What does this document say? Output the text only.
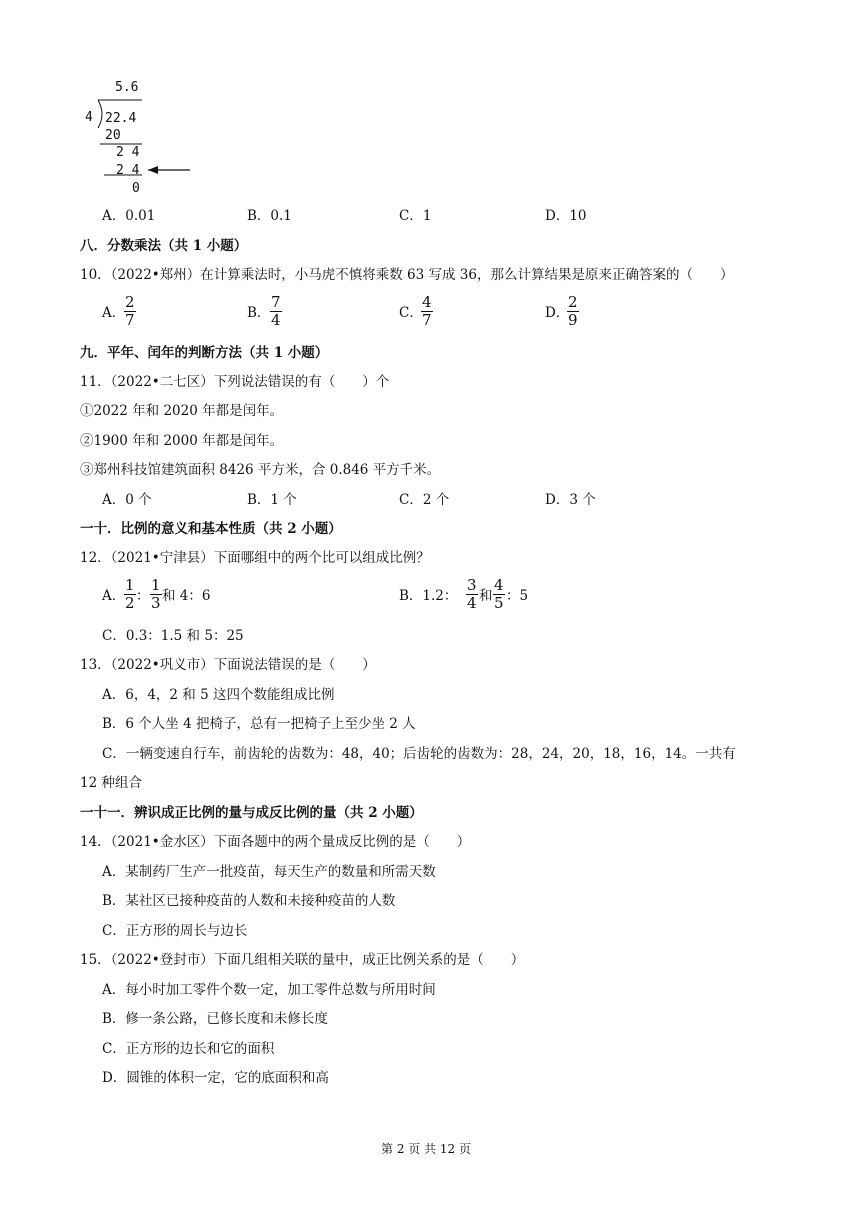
5.6
4 22.4
20
2 4
2 4
0
A．0.01	B．0.1	C．1	D．10
八．分数乘法（共 1 小题）
10．（2022•郑州）在计算乘法时，小马虎不慎将乘数 63 写成 36，那么计算结果是原来正确答案的（　　）
A．
2
7	B．
7
4	C．
4
7	D．
2
9
九．平年、闰年的判断方法（共 1 小题）
11．（2022•二七区）下列说法错误的有（　　）个
①2022 年和 2020 年都是闰年。
②1900 年和 2000 年都是闰年。
③郑州科技馆建筑面积 8426 平方米，合 0.846 平方千米。
A．0 个	B．1 个	C．2 个	D．3 个
一十．比例的意义和基本性质（共 2 小题）
12．（2021•宁津县）下面哪组中的两个比可以组成比例？
A．
1
2 ：
1
3 和 4：6	B．1.2：
3
4 和
4
5 ：5
C．0.3：1.5 和 5：25
13．（2022•巩义市）下面说法错误的是（　　）
A．6，4，2 和 5 这四个数能组成比例
B．6 个人坐 4 把椅子，总有一把椅子上至少坐 2 人
C．一辆变速自行车，前齿轮的齿数为：48，40；后齿轮的齿数为：28，24，20，18，16，14。一共有
12 种组合
一十一．辨识成正比例的量与成反比例的量（共 2 小题）
14．（2021•金水区）下面各题中的两个量成反比例的是（　　）
A．某制药厂生产一批疫苗，每天生产的数量和所需天数
B．某社区已接种疫苗的人数和未接种疫苗的人数
C．正方形的周长与边长
15．（2022•登封市）下面几组相关联的量中，成正比例关系的是（　　）
A．每小时加工零件个数一定，加工零件总数与所用时间
B．修一条公路，已修长度和未修长度
C．正方形的边长和它的面积
D．圆锥的体积一定，它的底面积和高
第 2 页 共 12 页
